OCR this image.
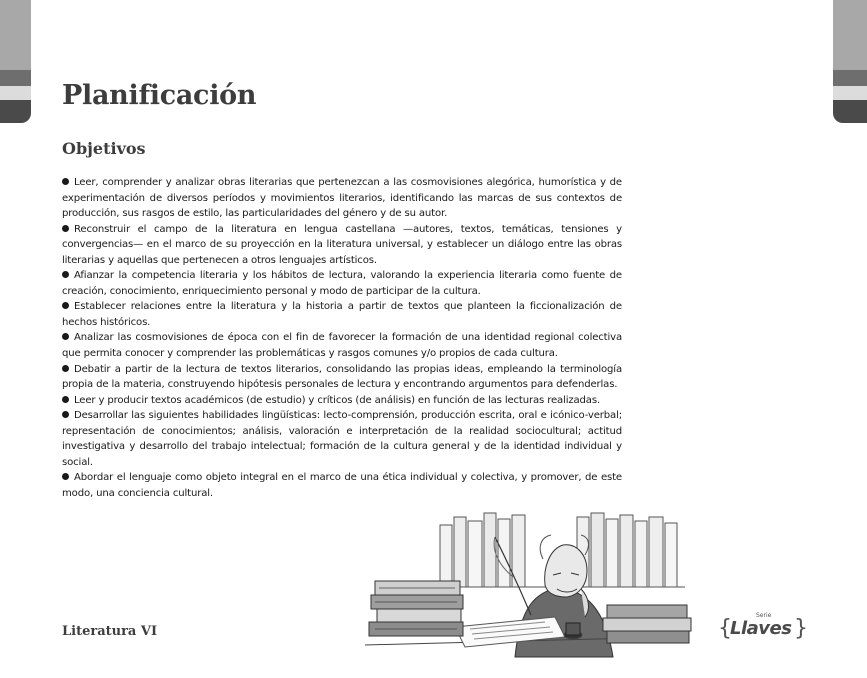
Planificación
Objetivos
Leer, comprender y analizar obras literarias que pertenezcan a las cosmovisiones alegórica, humorística y de experimentación de diversos períodos y movimientos literarios, identificando las marcas de sus contextos de producción, sus rasgos de estilo, las particularidades del género y de su autor.
Reconstruir el campo de la literatura en lengua castellana —autores, textos, temáticas, tensiones y convergencias— en el marco de su proyección en la literatura universal, y establecer un diálogo entre las obras literarias y aquellas que pertenecen a otros lenguajes artísticos.
Afianzar la competencia literaria y los hábitos de lectura, valorando la experiencia literaria como fuente de creación, conocimiento, enriquecimiento personal y modo de participar de la cultura.
Establecer relaciones entre la literatura y la historia a partir de textos que planteen la ficcionalización de hechos históricos.
Analizar las cosmovisiones de época con el fin de favorecer la formación de una identidad regional colectiva que permita conocer y comprender las problemáticas y rasgos comunes y/o propios de cada cultura.
Debatir a partir de la lectura de textos literarios, consolidando las propias ideas, empleando la terminología propia de la materia, construyendo hipótesis personales de lectura y encontrando argumentos para defenderlas.
Leer y producir textos académicos (de estudio) y críticos (de análisis) en función de las lecturas realizadas.
Desarrollar las siguientes habilidades lingüísticas: lecto-comprensión, producción escrita, oral e icónico-verbal; representación de conocimientos; análisis, valoración e interpretación de la realidad sociocultural; actitud investigativa y desarrollo del trabajo intelectual; formación de la cultura general y de la identidad individual y social.
Abordar el lenguaje como objeto integral en el marco de una ética individual y colectiva, y promover, de este modo, una conciencia cultural.
Literatura VI	{
Serie
Llaves }
